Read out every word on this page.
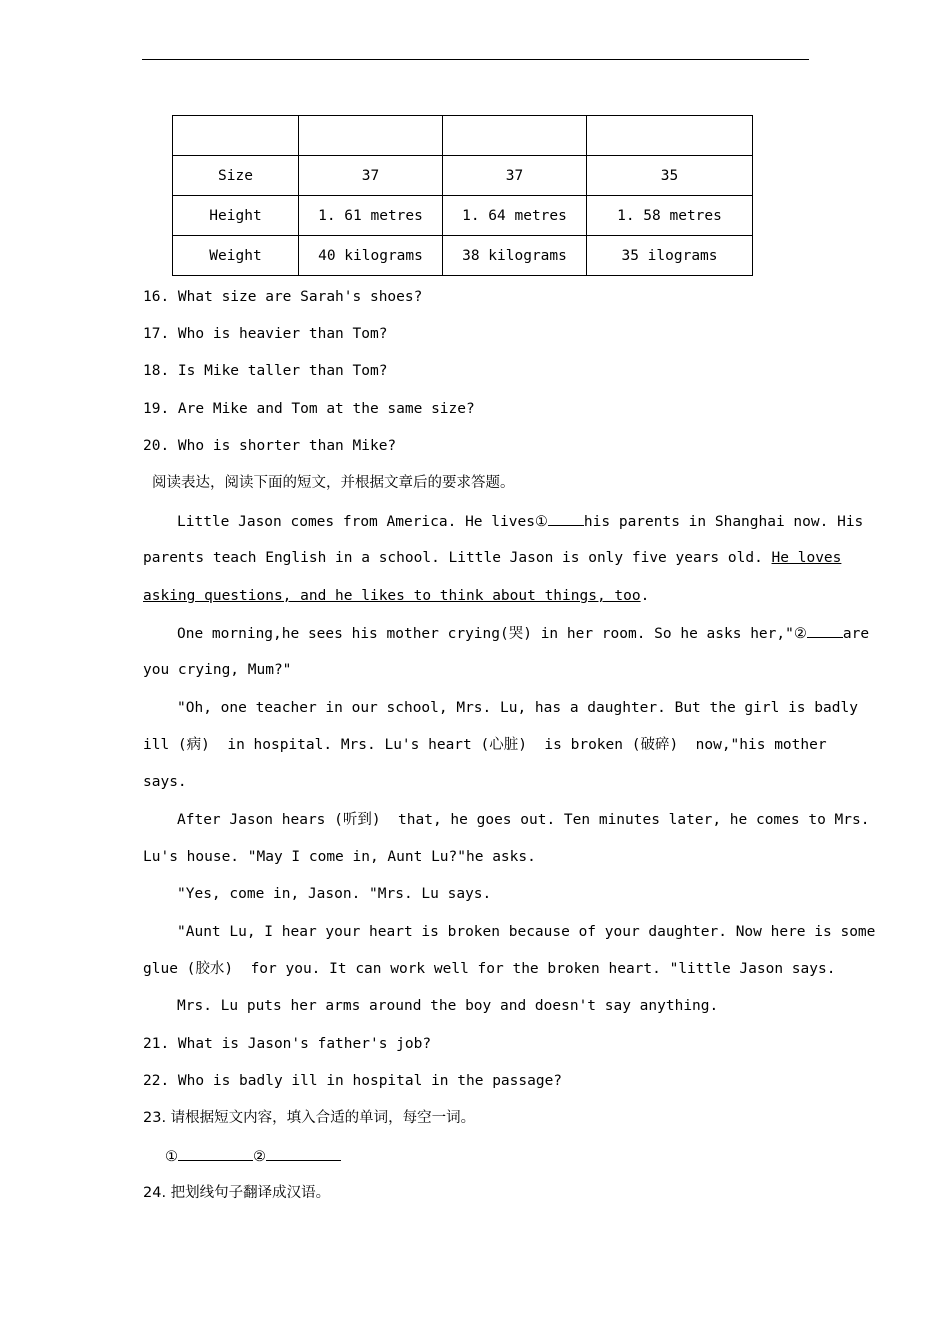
Size	37	37	35
Height	1. 61 metres	1. 64 metres	1. 58 metres
Weight	40 kilograms	38 kilograms	35 ilograms
16. What size are Sarah's shoes?
17. Who is heavier than Tom?
18. Is Mike taller than Tom?
19. Are Mike and Tom at the same size?
20. Who is shorter than Mike?
阅读表达，阅读下面的短文，并根据文章后的要求答题。
Little Jason comes from America. He lives① his parents in Shanghai now. His
parents teach English in a school. Little Jason is only five years old. He loves
asking questions, and he likes to think about things, too.
One morning,he sees his mother crying(哭) in her room. So he asks her,"② are
you crying, Mum?"
"Oh, one teacher in our school, Mrs. Lu, has a daughter. But the girl is badly
ill (病)  in hospital. Mrs. Lu's heart (心脏)  is broken (破碎)  now,"his mother
says.
After Jason hears (听到)  that, he goes out. Ten minutes later, he comes to Mrs.
Lu's house. "May I come in, Aunt Lu?"he asks.
"Yes, come in, Jason. "Mrs. Lu says.
"Aunt Lu, I hear your heart is broken because of your daughter. Now here is some
glue (胶水)  for you. It can work well for the broken heart. "little Jason says.
Mrs. Lu puts her arms around the boy and doesn't say anything.
21. What is Jason's father's job?
22. Who is badly ill in hospital in the passage?
23. 请根据短文内容，填入合适的单词，每空一词。
①	②
24. 把划线句子翻译成汉语。
